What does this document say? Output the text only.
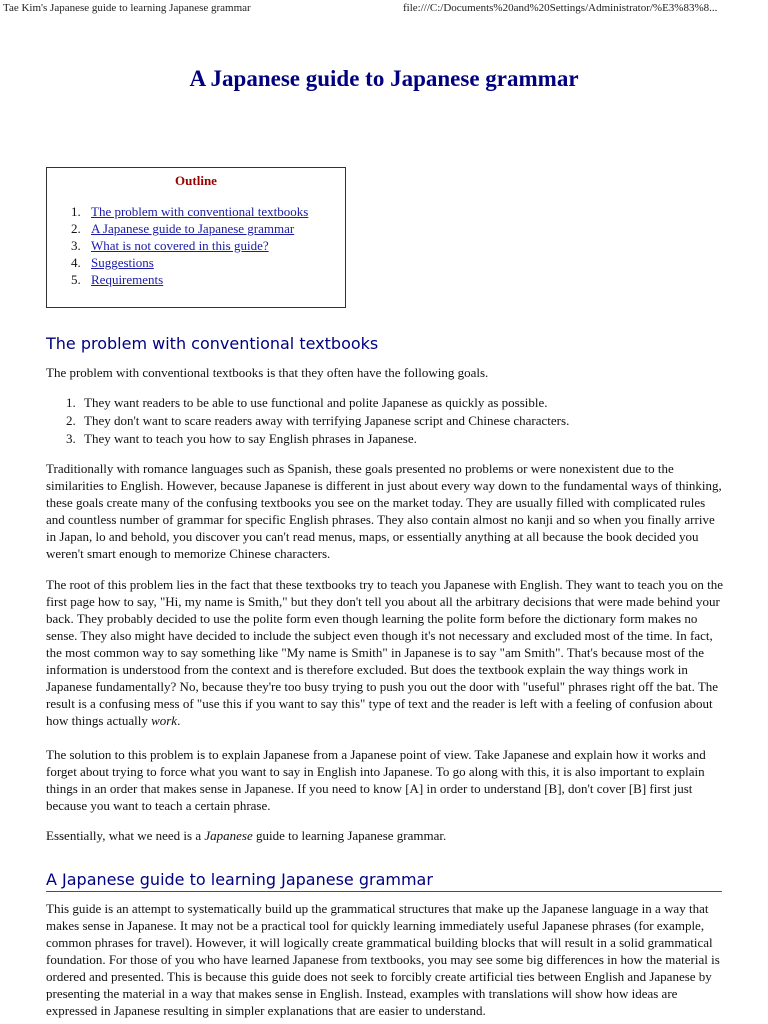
Tae Kim's Japanese guide to learning Japanese grammar	file:///C:/Documents%20and%20Settings/Administrator/%E3%83%8...
A Japanese guide to Japanese grammar
Outline
1. The problem with conventional textbooks
2. A Japanese guide to Japanese grammar
3. What is not covered in this guide?
4. Suggestions
5. Requirements
The problem with conventional textbooks

The problem with conventional textbooks is that they often have the following goals.

1. They want readers to be able to use functional and polite Japanese as quickly as possible.
2. They don't want to scare readers away with terrifying Japanese script and Chinese characters.
3. They want to teach you how to say English phrases in Japanese.

Traditionally with romance languages such as Spanish, these goals presented no problems or were nonexistent due to the similarities to English. However, because Japanese is different in just about every way down to the fundamental ways of thinking, these goals create many of the confusing textbooks you see on the market today. They are usually filled with complicated rules and countless number of grammar for specific English phrases. They also contain almost no kanji and so when you finally arrive in Japan, lo and behold, you discover you can't read menus, maps, or essentially anything at all because the book decided you weren't smart enough to memorize Chinese characters.

The root of this problem lies in the fact that these textbooks try to teach you Japanese with English. They want to teach you on the first page how to say, "Hi, my name is Smith," but they don't tell you about all the arbitrary decisions that were made behind your back. They probably decided to use the polite form even though learning the polite form before the dictionary form makes no sense. They also might have decided to include the subject even though it's not necessary and excluded most of the time. In fact, the most common way to say something like "My name is Smith" in Japanese is to say "am Smith". That's because most of the information is understood from the context and is therefore excluded. But does the textbook explain the way things work in Japanese fundamentally? No, because they're too busy trying to push you out the door with "useful" phrases right off the bat. The result is a confusing mess of "use this if you want to say this" type of text and the reader is left with a feeling of confusion about how things actually work.

The solution to this problem is to explain Japanese from a Japanese point of view. Take Japanese and explain how it works and forget about trying to force what you want to say in English into Japanese. To go along with this, it is also important to explain things in an order that makes sense in Japanese. If you need to know [A] in order to understand [B], don't cover [B] first just because you want to teach a certain phrase.

Essentially, what we need is a Japanese guide to learning Japanese grammar.

A Japanese guide to learning Japanese grammar

This guide is an attempt to systematically build up the grammatical structures that make up the Japanese language in a way that makes sense in Japanese. It may not be a practical tool for quickly learning immediately useful Japanese phrases (for example, common phrases for travel). However, it will logically create grammatical building blocks that will result in a solid grammatical foundation. For those of you who have learned Japanese from textbooks, you may see some big differences in how the material is ordered and presented. This is because this guide does not seek to forcibly create artificial ties between English and Japanese by presenting the material in a way that makes sense in English. Instead, examples with translations will show how ideas are expressed in Japanese resulting in simpler explanations that are easier to understand.
